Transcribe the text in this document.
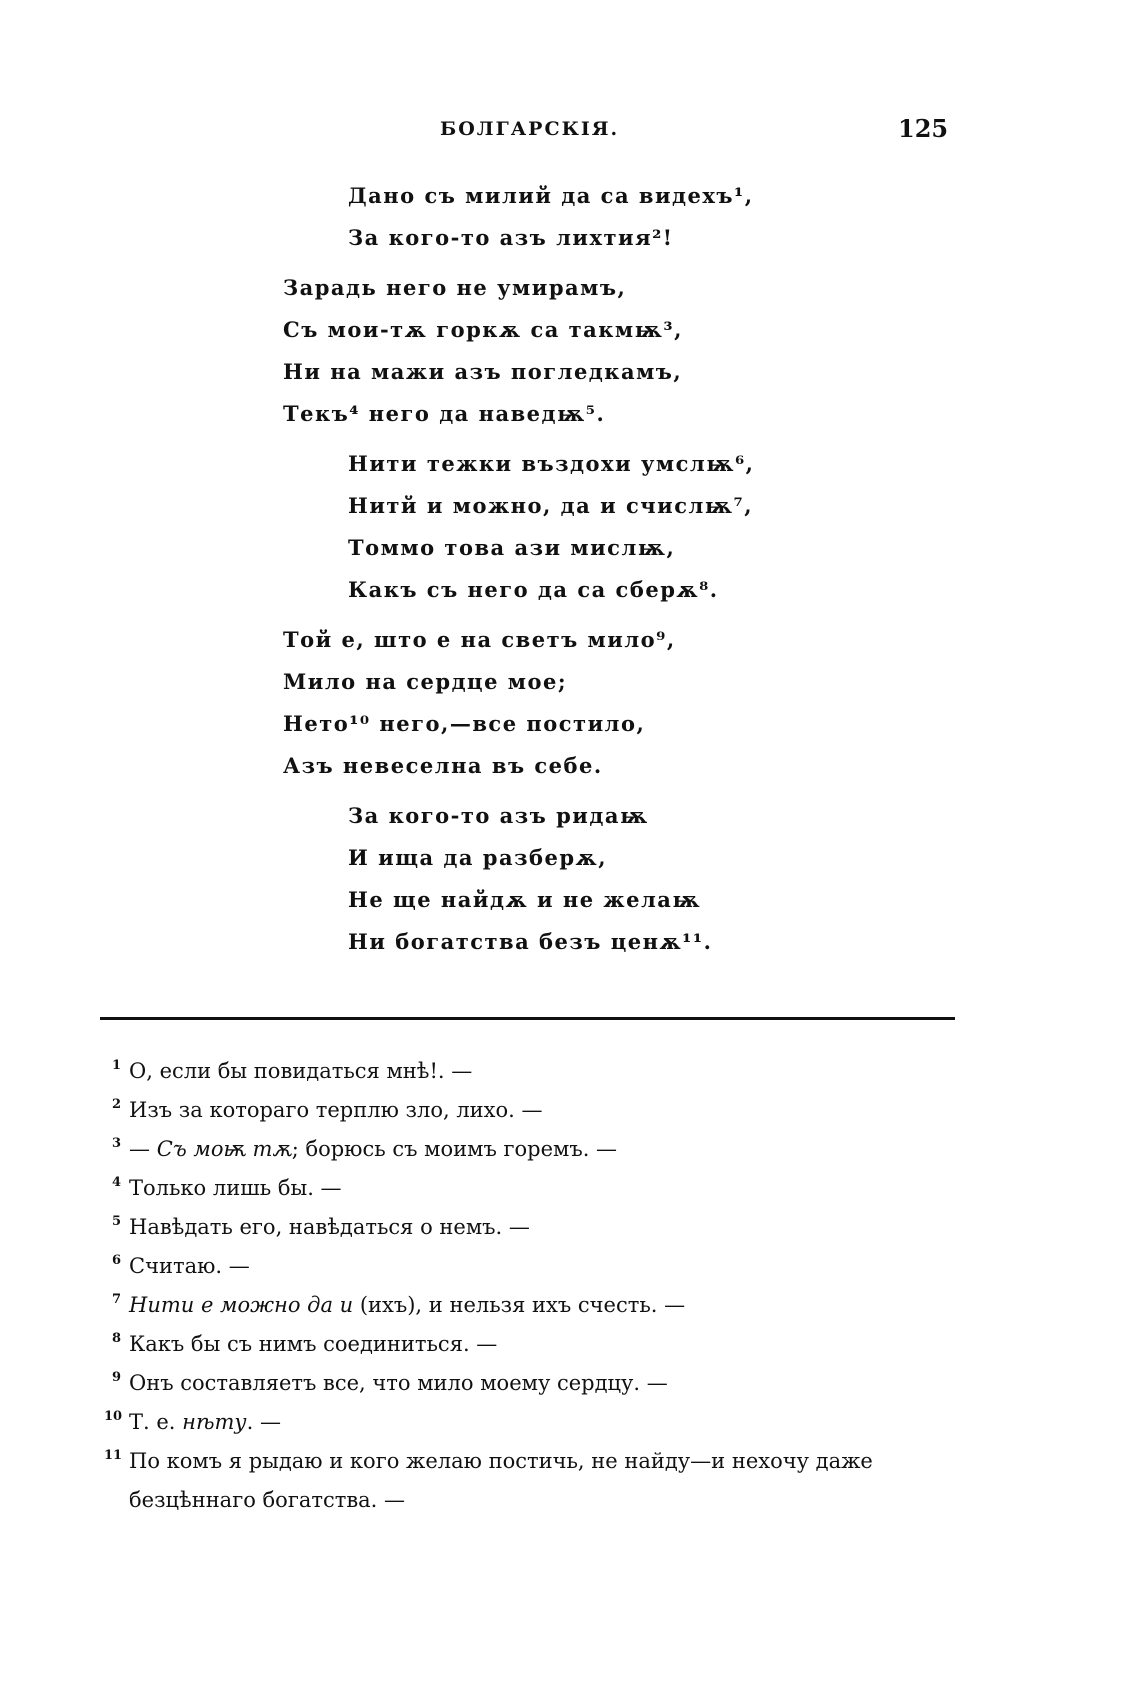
БОЛГАРСКІЯ.	125
Дано съ милий да са видехъ¹,
За кого-то азъ лихтия²!
Зарадь него не умирамъ,
Съ мои-тѫ горкѫ са такмѭ³,
Ни на мажи азъ погледкамъ,
Текъ⁴ него да наведѭ⁵.
Нити тежки въздохи умслѭ⁶,
Нитй и можно, да и счислѭ⁷,
Томмо това ази мислѭ,
Какъ съ него да са сберѫ⁸.
Той е, што е на светъ мило⁹,
Мило на сердце мое;
Нето¹⁰ него,—все постило,
Азъ невеселна въ себе.
За кого-то азъ ридаѭ
И ища да разберѫ,
Не ще найдѫ и не желаѭ
Ни богатства безъ ценѫ¹¹.
1 О, если бы повидаться мнѣ!. —
2 Изъ за котораго терплю зло, лихо. —
3 — Съ моѭ тѫ; борюсь съ моимъ горемъ. —
4 Только лишь бы. —
5 Навѣдать его, навѣдаться о немъ. —
6 Считаю. —
7 Нити е можно да и (ихъ), и нельзя ихъ счесть. —
8 Какъ бы съ нимъ соединиться. —
9 Онъ составляетъ все, что мило моему сердцу. —
10 Т. е. нѣту. —
11 По комъ я рыдаю и кого желаю постичь, не найду—и нехочу даже безцѣннаго богатства. —
